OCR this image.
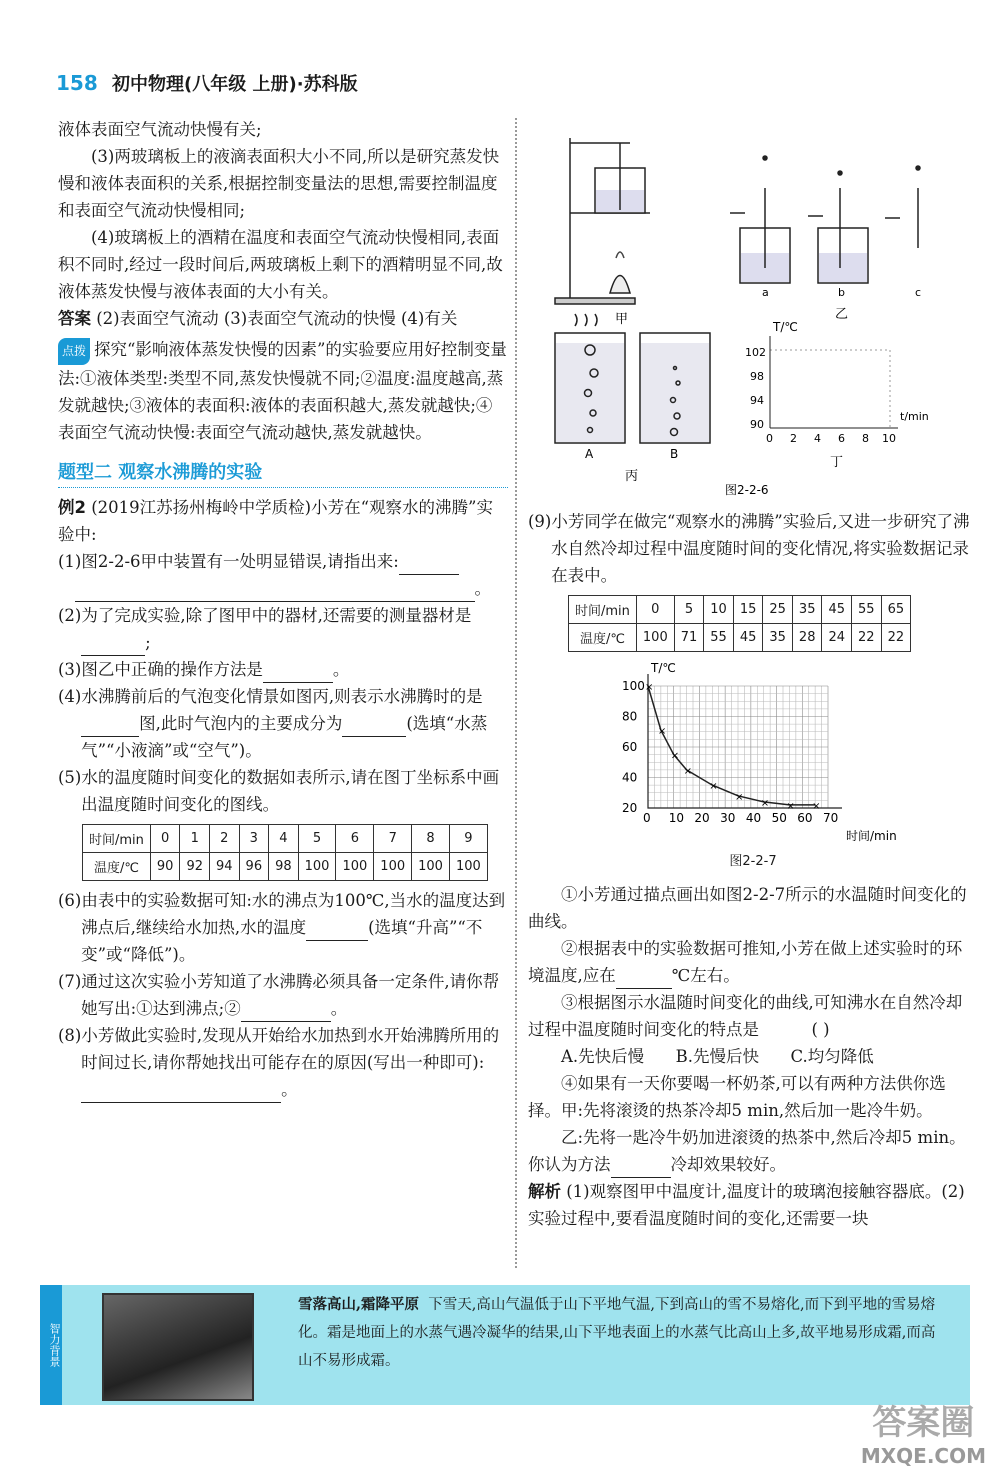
158 初中物理(八年级 上册)·苏科版

液体表面空气流动快慢有关;

(3)两玻璃板上的液滴表面积大小不同,所以是研究蒸发快慢和液体表面积的关系,根据控制变量法的思想,需要控制温度和表面空气流动快慢相同;

(4)玻璃板上的酒精在温度和表面空气流动快慢相同,表面积不同时,经过一段时间后,两玻璃板上剩下的酒精明显不同,故液体蒸发快慢与液体表面的大小有关。

答案 (2)表面空气流动 (3)表面空气流动的快慢 (4)有关

点拨 探究“影响液体蒸发快慢的因素”的实验要应用好控制变量法:①液体类型:类型不同,蒸发快慢就不同;②温度:温度越高,蒸发就越快;③液体的表面积:液体的表面积越大,蒸发就越快;④表面空气流动快慢:表面空气流动越快,蒸发就越快。

题型二 观察水沸腾的实验

例2 (2019江苏扬州梅岭中学质检)小芳在“观察水的沸腾”实验中:

(1)图2-2-6甲中装置有一处明显错误,请指出来:

。

(2)为了完成实验,除了图甲中的器材,还需要的测量器材是;

(3)图乙中正确的操作方法是	。

(4)水沸腾前后的气泡变化情景如图丙,则表示水沸腾时的是图,此时气泡内的主要成分为	(选填“水蒸气”“小液滴”或“空气”)。

(5)水的温度随时间变化的数据如表所示,请在图丁坐标系中画出温度随时间变化的图线。

时间/min	0	1	2	3	4	5	6	7	8	9
温度/℃	90	92	94	96	98	100	100	100	100	100

(6)由表中的实验数据可知:水的沸点为100℃,当水的温度达到沸点后,继续给水加热,水的温度	(选填“升高”“不变”或“降低”)。

(7)通过这次实验小芳知道了水沸腾必须具备一定条件,请你帮她写出:①达到沸点;②	。

(8)小芳做此实验时,发现从开始给水加热到水开始沸腾所用的时间过长,请你帮她找出可能存在的原因(写出一种即可):。

甲
a	b	c
乙
A	B
丙
T/℃
t/min
102
98
94
90
0 2 4 6 8 10
丁
图2-2-6

(9)小芳同学在做完“观察水的沸腾”实验后,又进一步研究了沸水自然冷却过程中温度随时间的变化情况,将实验数据记录在表中。

时间/min	0	5	10	15	25	35	45	55	65
温度/℃	100	71	55	45	35	28	24	22	22
T/℃
时间/min
0 10 20 30 40 50 60 70
100
80
60
40
20
×
×
×
×
×
×
× × ×

图2-2-7

①小芳通过描点画出如图2-2-7所示的水温随时间变化的曲线。

②根据表中的实验数据可推知,小芳在做上述实验时的环境温度,应在	℃左右。

③根据图示水温随时间变化的曲线,可知沸水在自然冷却过程中温度随时间变化的特点是	( )

A.先快后慢 B.先慢后快 C.均匀降低

④如果有一天你要喝一杯奶茶,可以有两种方法供你选择。甲:先将滚烫的热茶冷却5 min,然后加一匙冷牛奶。

乙:先将一匙冷牛奶加进滚烫的热茶中,然后冷却5 min。你认为方法	冷却效果较好。

解析 (1)观察图甲中温度计,温度计的玻璃泡接触容器底。(2)实验过程中,要看温度随时间的变化,还需要一块

智力背景
雪落高山,霜降平原 下雪天,高山气温低于山下平地气温,下到高山的雪不易熔化,而下到平地的雪易熔化。霜是地面上的水蒸气遇冷凝华的结果,山下平地表面上的水蒸气比高山上多,故平地易形成霜,而高山不易形成霜。
答案圈
MXQE.COM
